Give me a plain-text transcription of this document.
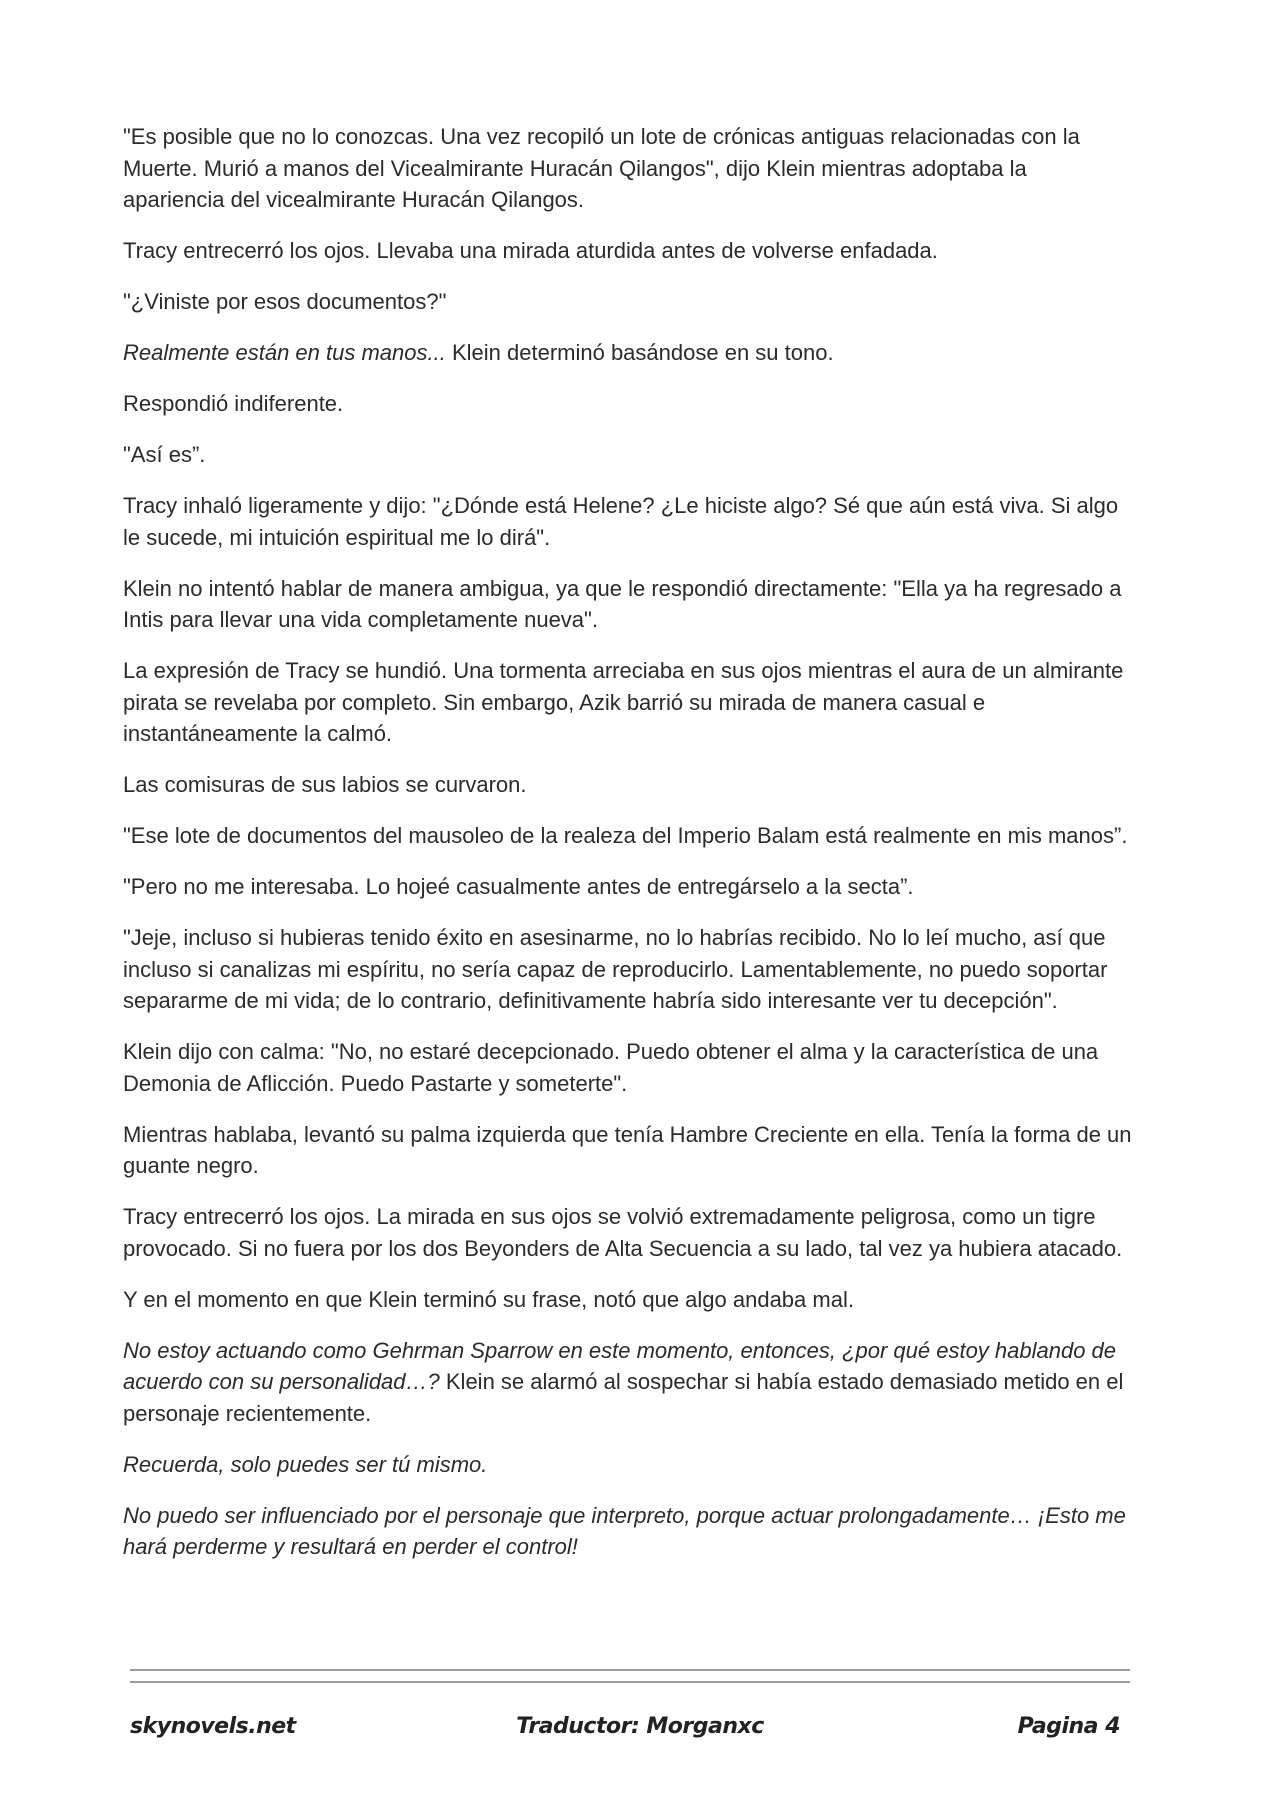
"Es posible que no lo conozcas. Una vez recopiló un lote de crónicas antiguas relacionadas con la Muerte. Murió a manos del Vicealmirante Huracán Qilangos", dijo Klein mientras adoptaba la apariencia del vicealmirante Huracán Qilangos.

Tracy entrecerró los ojos. Llevaba una mirada aturdida antes de volverse enfadada.

"¿Viniste por esos documentos?"

Realmente están en tus manos... Klein determinó basándose en su tono.

Respondió indiferente.

"Así es”.

Tracy inhaló ligeramente y dijo: "¿Dónde está Helene? ¿Le hiciste algo? Sé que aún está viva. Si algo le sucede, mi intuición espiritual me lo dirá".

Klein no intentó hablar de manera ambigua, ya que le respondió directamente: "Ella ya ha regresado a Intis para llevar una vida completamente nueva".

La expresión de Tracy se hundió. Una tormenta arreciaba en sus ojos mientras el aura de un almirante pirata se revelaba por completo. Sin embargo, Azik barrió su mirada de manera casual e instantáneamente la calmó.

Las comisuras de sus labios se curvaron.

"Ese lote de documentos del mausoleo de la realeza del Imperio Balam está realmente en mis manos”.

"Pero no me interesaba. Lo hojeé casualmente antes de entregárselo a la secta”.

"Jeje, incluso si hubieras tenido éxito en asesinarme, no lo habrías recibido. No lo leí mucho, así que incluso si canalizas mi espíritu, no sería capaz de reproducirlo. Lamentablemente, no puedo soportar separarme de mi vida; de lo contrario, definitivamente habría sido interesante ver tu decepción".

Klein dijo con calma: "No, no estaré decepcionado. Puedo obtener el alma y la característica de una Demonia de Aflicción. Puedo Pastarte y someterte".

Mientras hablaba, levantó su palma izquierda que tenía Hambre Creciente en ella. Tenía la forma de un guante negro.

Tracy entrecerró los ojos. La mirada en sus ojos se volvió extremadamente peligrosa, como un tigre provocado. Si no fuera por los dos Beyonders de Alta Secuencia a su lado, tal vez ya hubiera atacado.

Y en el momento en que Klein terminó su frase, notó que algo andaba mal.

No estoy actuando como Gehrman Sparrow en este momento, entonces, ¿por qué estoy hablando de acuerdo con su personalidad…? Klein se alarmó al sospechar si había estado demasiado metido en el personaje recientemente.

Recuerda, solo puedes ser tú mismo.

No puedo ser influenciado por el personaje que interpreto, porque actuar prolongadamente… ¡Esto me hará perderme y resultará en perder el control!

skynovels.net	Traductor: Morganxc	Pagina 4
